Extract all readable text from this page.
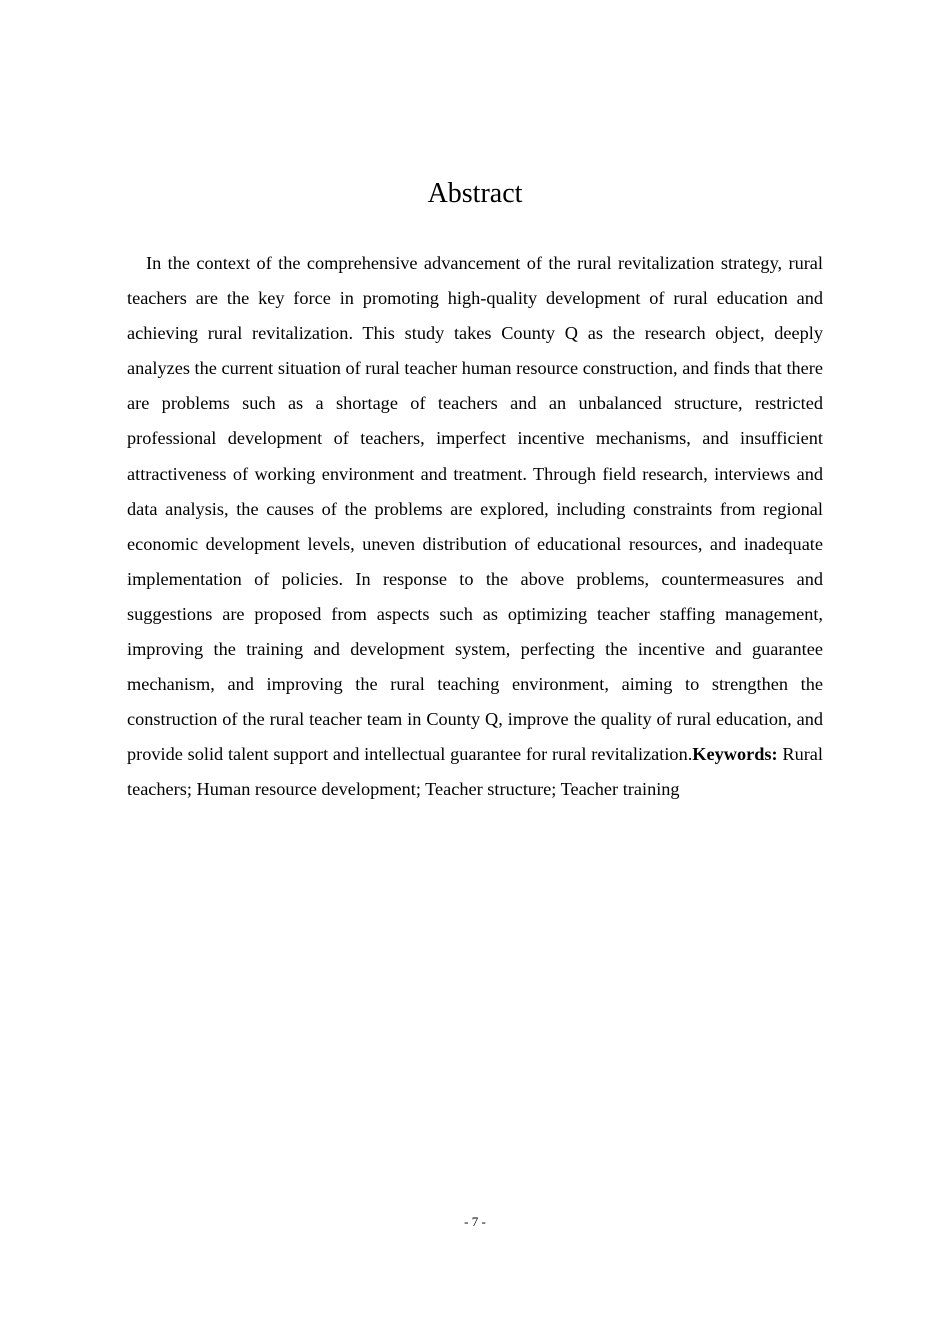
Abstract

In the context of the comprehensive advancement of the rural revitalization strategy, rural teachers are the key force in promoting high-quality development of rural education and achieving rural revitalization. This study takes County Q as the research object, deeply analyzes the current situation of rural teacher human resource construction, and finds that there are problems such as a shortage of teachers and an unbalanced structure, restricted professional development of teachers, imperfect incentive mechanisms, and insufficient attractiveness of working environment and treatment. Through field research, interviews and data analysis, the causes of the problems are explored, including constraints from regional economic development levels, uneven distribution of educational resources, and inadequate implementation of policies. In response to the above problems, countermeasures and suggestions are proposed from aspects such as optimizing teacher staffing management, improving the training and development system, perfecting the incentive and guarantee mechanism, and improving the rural teaching environment, aiming to strengthen the construction of the rural teacher team in County Q, improve the quality of rural education, and provide solid talent support and intellectual guarantee for rural revitalization.Keywords: Rural teachers; Human resource development; Teacher structure; Teacher training

- 7 -
